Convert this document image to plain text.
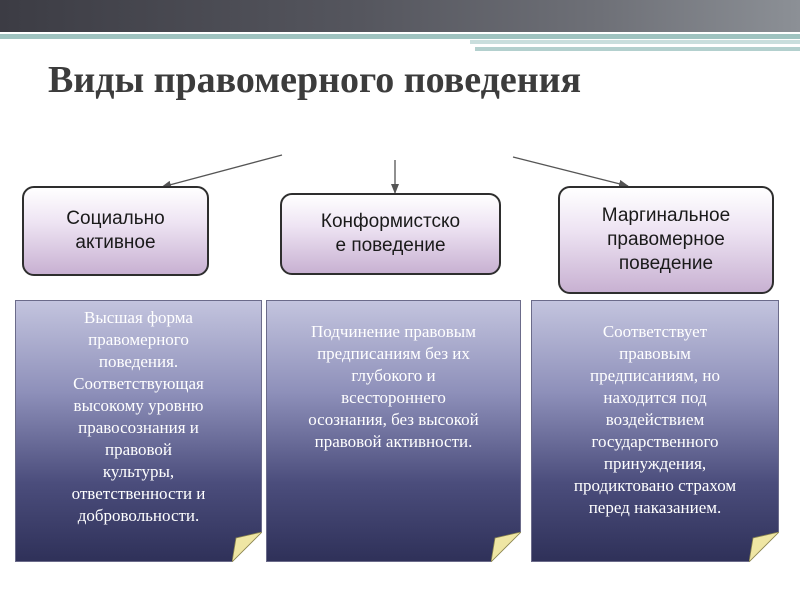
Виды правомерного поведения
Социально
активное
Конформистско
е поведение
Маргинальное
правомерное
поведение
Высшая форма
правомерного
поведения.
Соответствующая
высокому уровню
правосознания и
правовой
культуры,
ответственности и
добровольности.
Подчинение правовым
предписаниям без их
глубокого и
всестороннего
осознания, без высокой
правовой активности.
Соответствует
правовым
предписаниям, но
находится под
воздействием
государственного
принуждения,
продиктовано страхом
перед наказанием.
